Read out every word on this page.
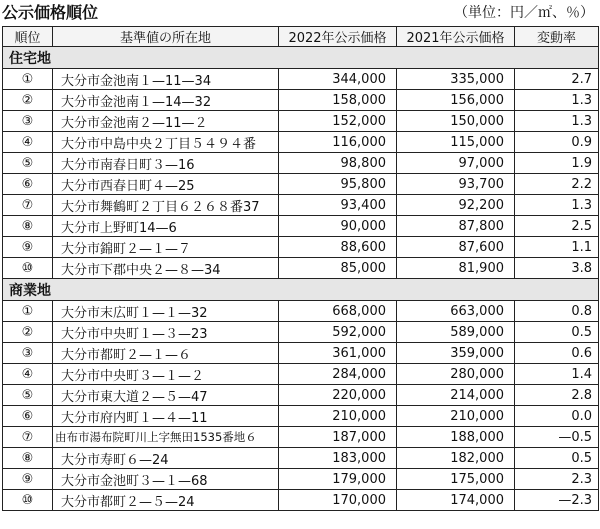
公示価格順位	（単位：円／㎡、％）
順位	基準値の所在地	2022年公示価格	2021年公示価格	変動率
住宅地				
①	大分市金池南１—11—34	344,000	335,000	2.7
②	大分市金池南１—14—32	158,000	156,000	1.3
③	大分市金池南２—11—２	152,000	150,000	1.3
④	大分市中島中央２丁目５４９４番	116,000	115,000	0.9
⑤	大分市南春日町３—16	98,800	97,000	1.9
⑥	大分市西春日町４—25	95,800	93,700	2.2
⑦	大分市舞鶴町２丁目６２６８番37	93,400	92,200	1.3
⑧	大分市上野町14—6	90,000	87,800	2.5
⑨	大分市錦町２—１—７	88,600	87,600	1.1
⑩	大分市下郡中央２—８—34	85,000	81,900	3.8
商業地				
①	大分市末広町１—１—32	668,000	663,000	0.8
②	大分市中央町１—３—23	592,000	589,000	0.5
③	大分市都町２—１—６	361,000	359,000	0.6
④	大分市中央町３—１—２	284,000	280,000	1.4
⑤	大分市東大道２—５—47	220,000	214,000	2.8
⑥	大分市府内町１—４—11	210,000	210,000	0.0
⑦	由布市湯布院町川上字無田1535番地６	187,000	188,000	—0.5
⑧	大分市寿町６—24	183,000	182,000	0.5
⑨	大分市金池町３—１—68	179,000	175,000	2.3
⑩	大分市都町２—５—24	170,000	174,000	—2.3
